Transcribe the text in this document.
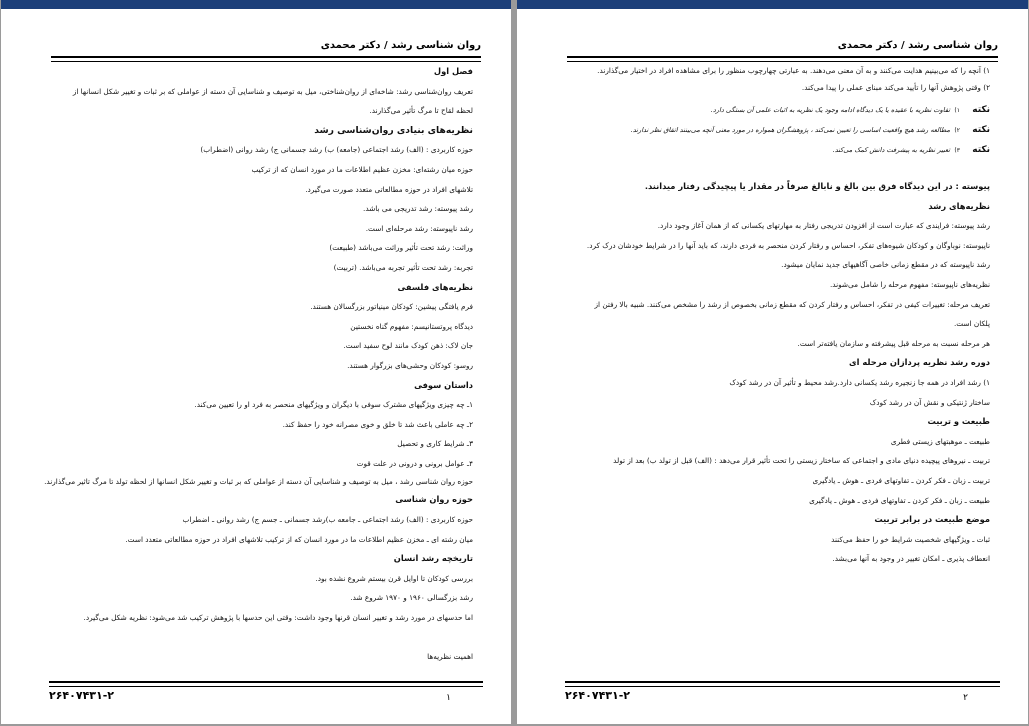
روان شناسی رشد / دکتر محمدی
فصل اول
تعریف روان‌شناسی رشد: شاخه‌ای از روان‌شناختی، میل به توصیف و شناسایی آن دسته از عواملی که بر ثبات و تغییر شکل انسانها از
لحظه لقاح تا مرگ تأثیر می‌گذارند.
نظریه‌های بنیادی روان‌شناسی رشد
حوزه کاربردی : (الف) رشد اجتماعی (جامعه) ب) رشد جسمانی ج) رشد روانی (اضطراب)
حوزه میان رشته‌ای: مخزن عظیم اطلاعات ما در مورد انسان که از ترکیب
تلاشهای افراد در حوزه مطالعاتی متعدد صورت می‌گیرد.
رشد پیوسته: رشد تدریجی می باشد.
رشد ناپیوسته: رشد مرحله‌ای است.
وراثت: رشد تحت تأثیر وراثت می‌باشد (طبیعت)
تجربه: رشد تحت تأثیر تجربه می‌باشد. (تربیت)
نظریه‌های فلسفی
فرم یافتگی پیشین: کودکان مینیاتور بزرگسالان هستند.
دیدگاه پروتستانیسم: مفهوم گناه نخستین
جان لاک: ذهن کودک مانند لوح سفید است.
روسو: کودکان وحشی‌های بزرگوار هستند.
داستان سوفی
۱ـ چه چیزی ویژگیهای مشترک سوفی با دیگران و ویژگیهای منحصر به فرد او را تعیین می‌کند.
۲ـ چه عاملی باعث شد تا خلق و خوی مصرانه خود را حفظ کند.
۳ـ شرایط کاری و تحصیل
۴ـ عوامل برونی و درونی در علت قوت
حوزه روان شناسی رشد ، میل به توصیف و شناسایی آن دسته از عواملی که بر ثبات و تغییر شکل انسانها از لحظه تولد تا مرگ تاثیر می‌گذارند.
حوزه روان شناسی
حوزه کاربردی : (الف) رشد اجتماعی ـ جامعه ب)رشد جسمانی ـ جسم ج) رشد روانی ـ اضطراب
میان رشته ای ـ مخزن عظیم اطلاعات ما در مورد انسان که از ترکیب تلاشهای افراد در حوزه مطالعاتی متعدد است.
تاریخچه رشد انسان
بررسی کودکان تا اوایل قرن بیستم شروع نشده بود.
رشد بزرگسالی ۱۹۶۰ و ۱۹۷۰ شروع شد.
اما حدسهای در مورد رشد و تغییر انسان قرنها وجود داشت: وقتی این حدسها با پژوهش ترکیب شد می‌شود: نظریه شکل می‌گیرد.
اهمیت نظریه‌ها
۲۶۴۰۷۴۳۱-۲	۱
روان شناسی رشد / دکتر محمدی
۱) آنچه را که می‌بینیم هدایت می‌کنند و به آن معنی می‌دهند. به عبارتی چهارچوب منظور را برای مشاهده افراد در اختیار می‌گذارند.
۲) وقتی پژوهش آنها را تأیید می‌کند مبنای عملی را پیدا می‌کند.
نکته
۱)
تفاوت نظریه با عقیده یا یک دیدگاه ادامه وجود یک نظریه به اثبات علمی آن بستگی دارد.
نکته
۲)
مطالعه رشد هیچ واقعیت اساسی را تعیین نمی‌کند ، پژوهشگران همواره در مورد معنی آنچه می‌بینند اتفاق نظر ندارند.
نکته
۳)
تعبیر نظریه به پیشرفت دانش کمک می‌کند.
پیوسته : در این دیدگاه فرق بین بالغ و نابالغ صرفاً در مقدار یا پیچیدگی رفتار میدانند.
نظریه‌های رشد
رشد پیوسته: فرایندی که عبارت است از افزودن تدریجی رفتار به مهارتهای یکسانی که از همان آغاز وجود دارد.
ناپیوسته: نوباوگان و کودکان شیوه‌های تفکر، احساس و رفتار کردن منحصر به فردی دارند، که باید آنها را در شرایط خودشان درک کرد.
رشد ناپیوسته که در مقطع زمانی خاصی آگاهیهای جدید نمایان میشود.
نظریه‌های ناپیوسته: مفهوم مرحله را شامل می‌شوند.
تعریف مرحله: تغییرات کیفی در تفکر، احساس و رفتار کردن که مقطع زمانی بخصوص از رشد را مشخص می‌کنند. شبیه بالا رفتن از
پلکان است.
هر مرحله نسبت به مرحله قبل پیشرفته و سازمان یافته‌تر است.
دوره رشد نظریه پردازان مرحله ای
۱) رشد افراد در همه جا زنجیره رشد یکسانی دارد.رشد محیط و تأثیر آن در رشد کودک
ساختار ژنتیکی و نقش آن در رشد کودک
طبیعت و تربیت
طبیعت ـ موهبتهای زیستی فطری
تربیت ـ نیروهای پیچیده دنیای مادی و اجتماعی که ساختار زیستی را تحت تأثیر قرار می‌دهد : (الف) قبل از تولد ب) بعد از تولد
تربیت ـ زبان ـ فکر کردن ـ تفاوتهای فردی ـ هوش ـ یادگیری
طبیعت ـ زبان ـ فکر کردن ـ تفاوتهای فردی ـ هوش ـ یادگیری
موضع طبیعت در برابر تربیت
ثبات ـ ویژگیهای شخصیت شرایط خو را حفظ می‌کنند
انعطاف پذیری ـ امکان تغییر در وجود به آنها می‌بشد.
۲۶۴۰۷۴۳۱-۲	۲
